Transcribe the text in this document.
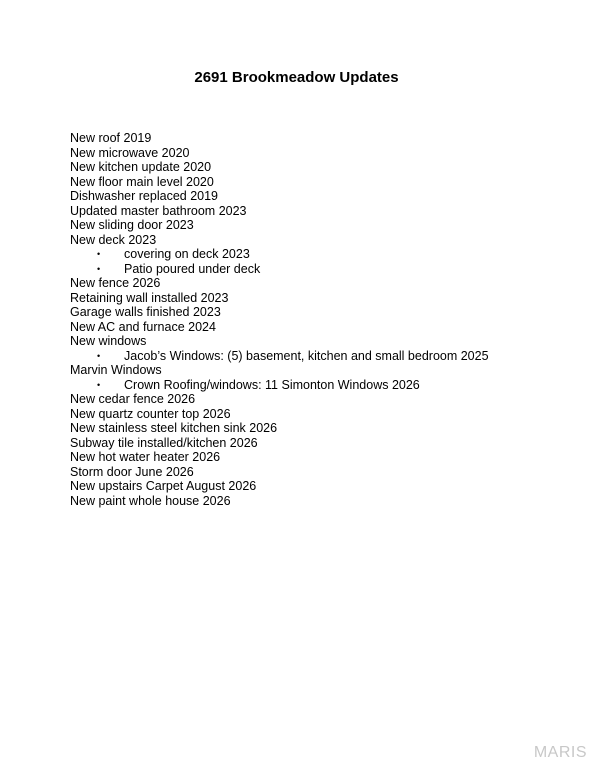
2691 Brookmeadow Updates
New roof 2019
New microwave 2020
New kitchen update 2020
New floor main level 2020
Dishwasher replaced 2019
Updated master bathroom 2023
New sliding door 2023
New deck 2023
• covering on deck 2023
• Patio poured under deck
New fence 2026
Retaining wall installed 2023
Garage walls finished 2023
New AC and furnace 2024
New windows
• Jacob’s Windows: (5) basement, kitchen and small bedroom 2025
Marvin Windows
• Crown Roofing/windows: 11 Simonton Windows 2026
New cedar fence 2026
New quartz counter top 2026
New stainless steel kitchen sink 2026
Subway tile installed/kitchen 2026
New hot water heater 2026
Storm door June 2026
New upstairs Carpet August 2026
New paint whole house 2026
MARIS
